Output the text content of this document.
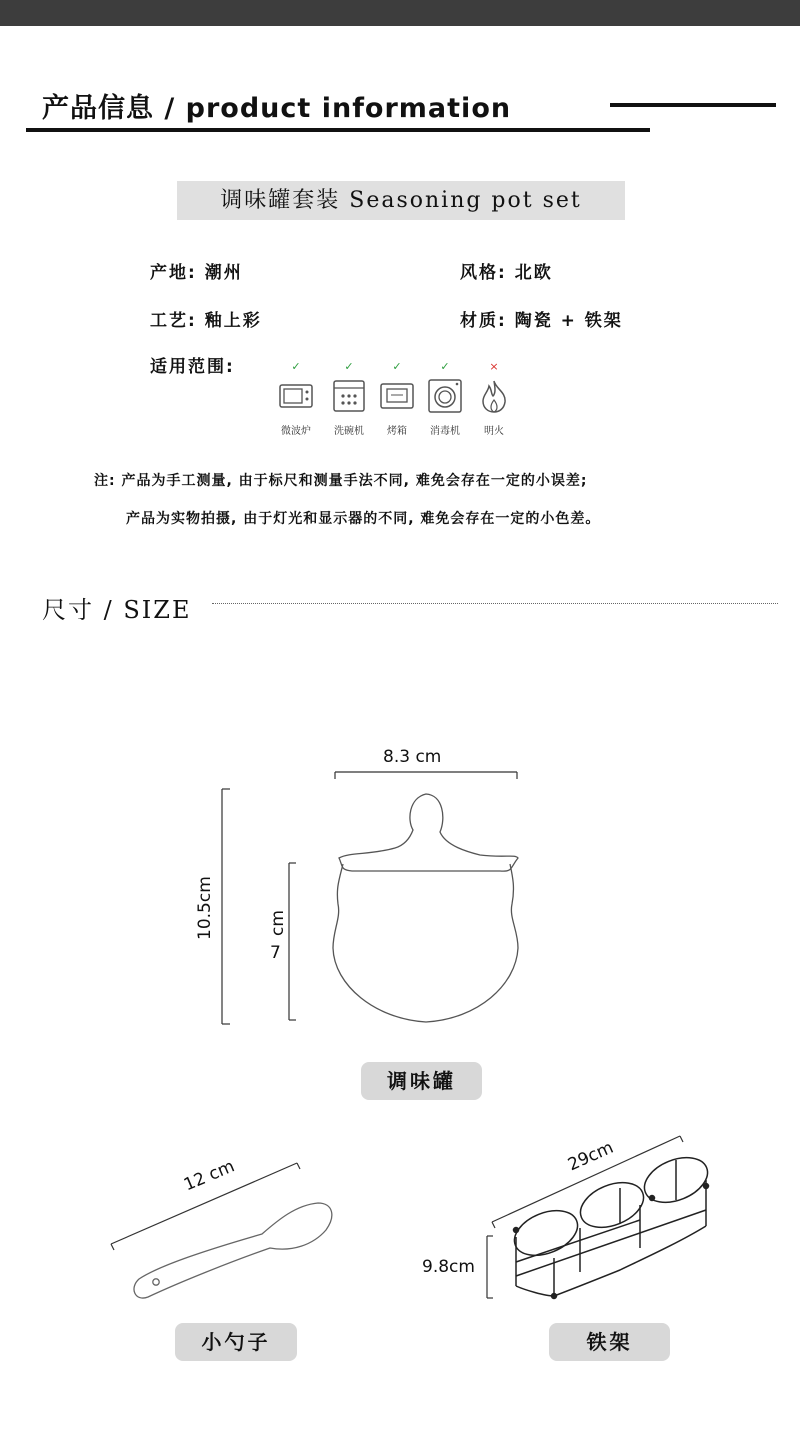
产品信息 / product information
调味罐套装 Seasoning pot set
产地: 潮州	风格: 北欧
工艺: 釉上彩	材质: 陶瓷 + 铁架
适用范围:	✓
微波炉
✓
洗碗机
✓
烤箱
✓
消毒机
×
明火
注: 产品为手工测量, 由于标尺和测量手法不同, 难免会存在一定的小误差;
产品为实物拍摄, 由于灯光和显示器的不同, 难免会存在一定的小色差。
尺寸 / SIZE
8.3 cm
10.5cm	cm
7
12 cm	29cm
9.8cm
调味罐
小勺子	铁架
